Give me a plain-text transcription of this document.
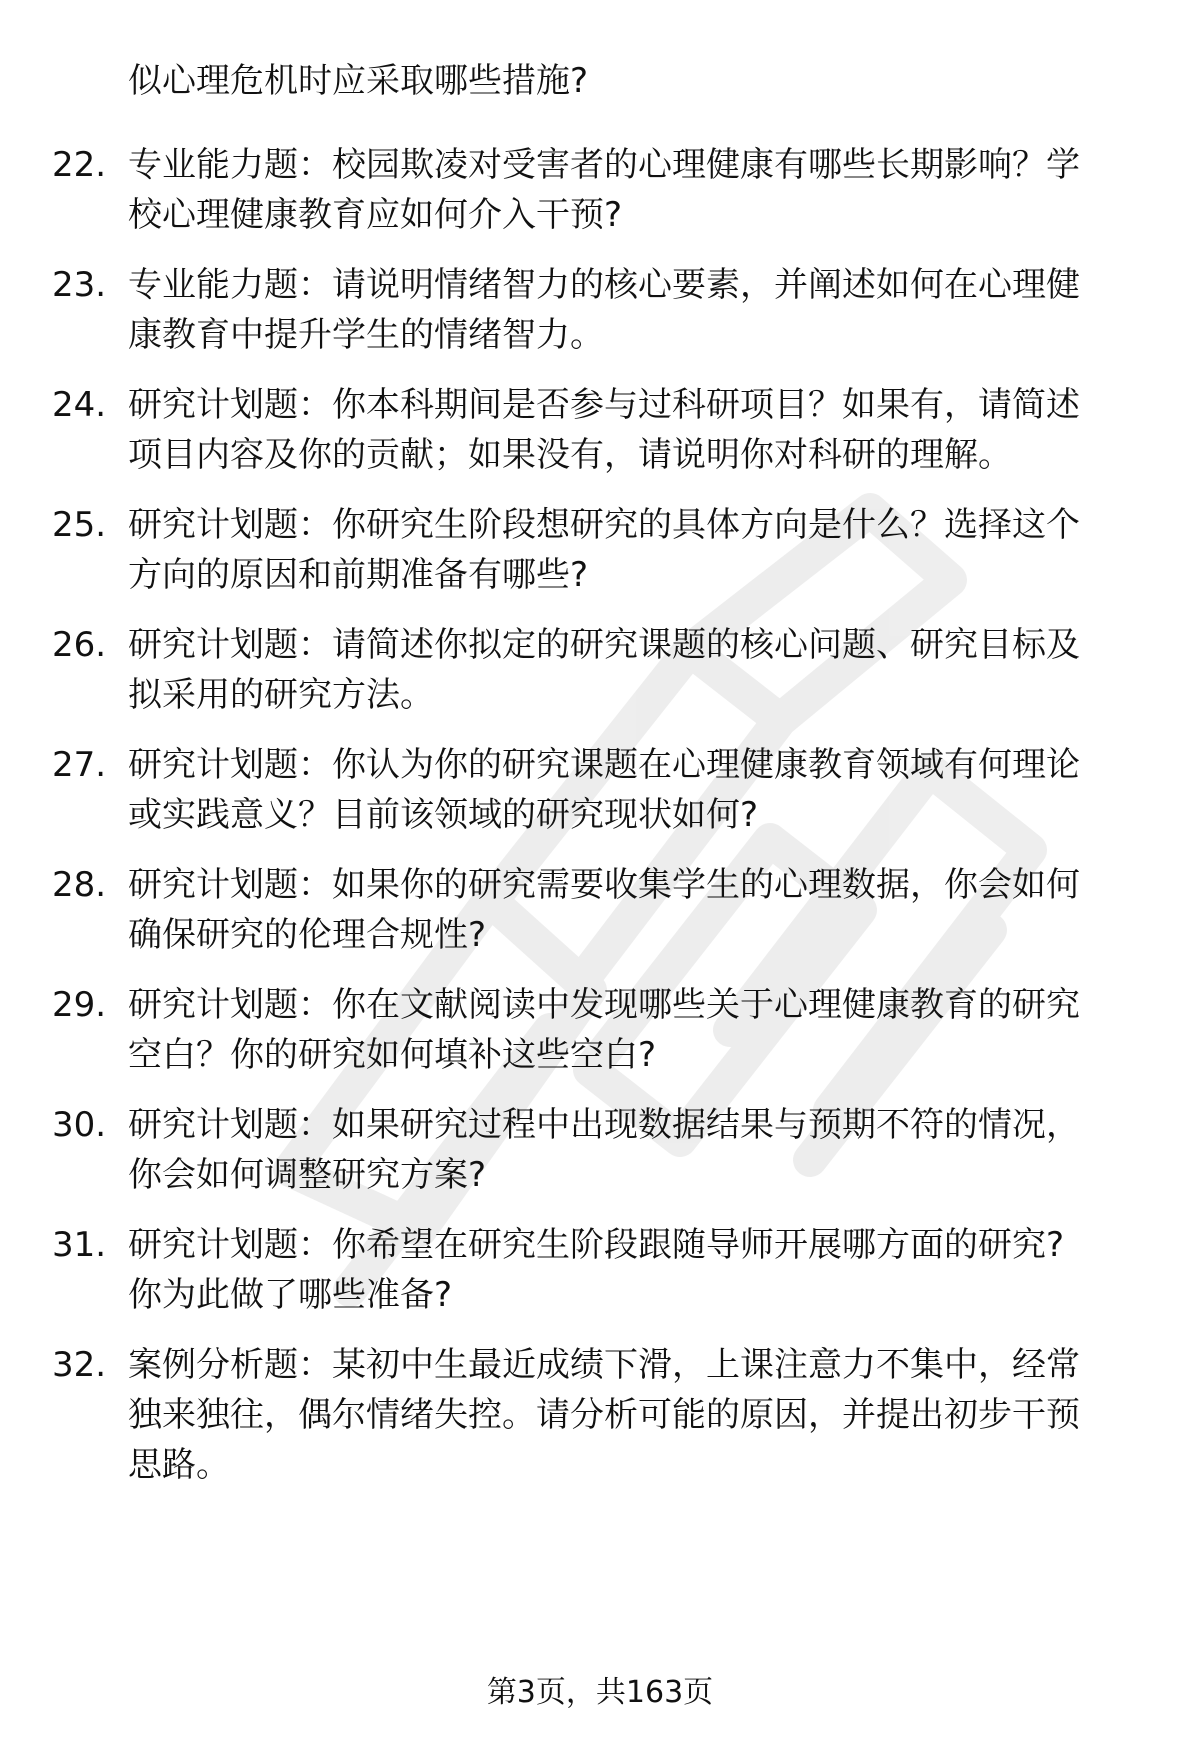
似心理危机时应采取哪些措施?
22. 专业能力题：校园欺凌对受害者的心理健康有哪些长期影响？学
校心理健康教育应如何介入干预?
23. 专业能力题：请说明情绪智力的核心要素，并阐述如何在心理健
康教育中提升学生的情绪智力。
24. 研究计划题：你本科期间是否参与过科研项目？如果有，请简述
项目内容及你的贡献；如果没有，请说明你对科研的理解。
25. 研究计划题：你研究生阶段想研究的具体方向是什么？选择这个
方向的原因和前期准备有哪些?
26. 研究计划题：请简述你拟定的研究课题的核心问题、研究目标及
拟采用的研究方法。
27. 研究计划题：你认为你的研究课题在心理健康教育领域有何理论
或实践意义？目前该领域的研究现状如何?
28. 研究计划题：如果你的研究需要收集学生的心理数据，你会如何
确保研究的伦理合规性?
29. 研究计划题：你在文献阅读中发现哪些关于心理健康教育的研究
空白？你的研究如何填补这些空白?
30. 研究计划题：如果研究过程中出现数据结果与预期不符的情况，
你会如何调整研究方案?
31. 研究计划题：你希望在研究生阶段跟随导师开展哪方面的研究?
你为此做了哪些准备?
32. 案例分析题：某初中生最近成绩下滑，上课注意力不集中，经常
独来独往，偶尔情绪失控。请分析可能的原因，并提出初步干预
思路。
第3页，共163页
